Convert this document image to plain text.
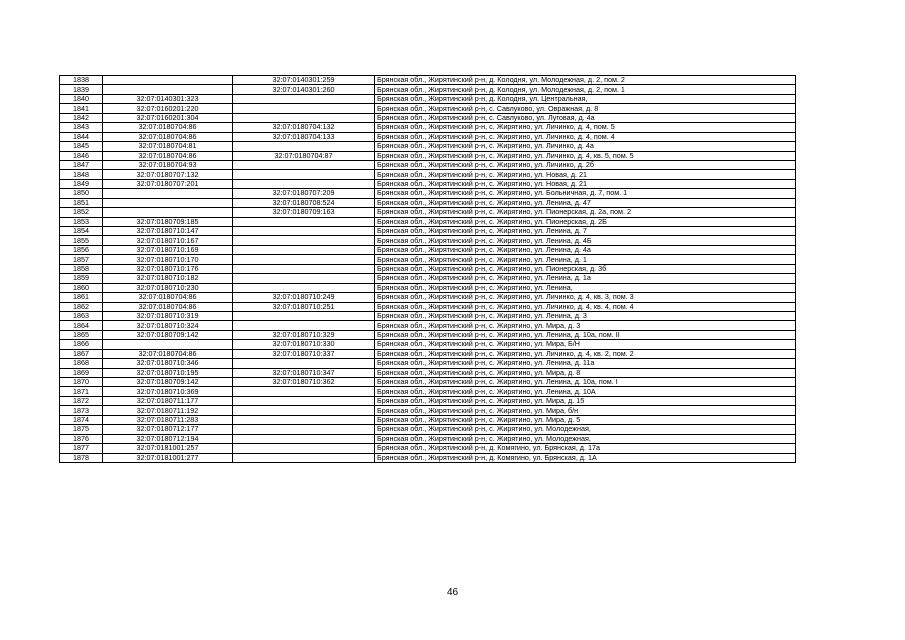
1838		32:07:0140301:259	Брянская обл., Жирятинский р-н, д. Колодня, ул. Молодежная, д. 2, пом. 2
1839		32:07:0140301:260	Брянская обл., Жирятинский р-н, д. Колодня, ул. Молодежная, д. 2, пом. 1
1840	32:07:0140301:323		Брянская обл., Жирятинский р-н, д. Колодня, ул. Центральная,
1841	32:07:0160201:220		Брянская обл., Жирятинский р-н, с. Савлуково, ул. Овражная, д. 8
1842	32:07:0160201:304		Брянская обл., Жирятинский р-н, с. Савлуково, ул. Луговая, д. 4а
1843	32:07:0180704:86	32:07:0180704:132	Брянская обл., Жирятинский р-н, с. Жирятино, ул. Личинко, д. 4, пом. 5
1844	32:07:0180704:86	32:07:0180704:133	Брянская обл., Жирятинский р-н, с. Жирятино, ул. Личинко, д. 4, пом. 4
1845	32:07:0180704:81		Брянская обл., Жирятинский р-н, с. Жирятино, ул. Личинко, д. 4а
1846	32:07:0180704:86	32:07:0180704:87	Брянская обл., Жирятинский р-н, с. Жирятино, ул. Личинко, д. 4, кв. 5, пом. 5
1847	32:07:0180704:93		Брянская обл., Жирятинский р-н, с. Жирятино, ул. Личинко, д. 2б
1848	32:07:0180707:132		Брянская обл., Жирятинский р-н, с. Жирятино, ул. Новая, д. 21
1849	32:07:0180707:201		Брянская обл., Жирятинский р-н, с. Жирятино, ул. Новая, д. 21
1850		32:07:0180707:209	Брянская обл., Жирятинский р-н, с. Жирятино, ул. Больничная, д. 7, пом. 1
1851		32:07:0180708:524	Брянская обл., Жирятинский р-н, с. Жирятино, ул. Ленина, д. 47
1852		32:07:0180709:163	Брянская обл., Жирятинский р-н, с. Жирятино, ул. Пионерская, д. 2а, пом. 2
1853	32:07:0180709:185		Брянская обл., Жирятинский р-н, с. Жирятино, ул. Пионерская, д. 2Б
1854	32:07:0180710:147		Брянская обл., Жирятинский р-н, с. Жирятино, ул. Ленина, д. 7
1855	32:07:0180710:167		Брянская обл., Жирятинский р-н, с. Жирятино, ул. Ленина, д. 4Б
1856	32:07:0180710:169		Брянская обл., Жирятинский р-н, с. Жирятино, ул. Ленина, д. 4а
1857	32:07:0180710:170		Брянская обл., Жирятинский р-н, с. Жирятино, ул. Ленина, д. 1
1858	32:07:0180710:176		Брянская обл., Жирятинский р-н, с. Жирятино, ул. Пионерская, д. 3б
1859	32:07:0180710:182		Брянская обл., Жирятинский р-н, с. Жирятино, ул. Ленина, д. 1а
1860	32:07:0180710:230		Брянская обл., Жирятинский р-н, с. Жирятино, ул. Ленина,
1861	32:07:0180704:86	32:07:0180710:249	Брянская обл., Жирятинский р-н, с. Жирятино, ул. Личинко, д. 4, кв. 3, пом. 3
1862	32:07:0180704:86	32:07:0180710:251	Брянская обл., Жирятинский р-н, с. Жирятино, ул. Личинко, д. 4, кв. 4, пом. 4
1863	32:07:0180710:319		Брянская обл., Жирятинский р-н, с. Жирятино, ул. Ленина, д. 3
1864	32:07:0180710:324		Брянская обл., Жирятинский р-н, с. Жирятино, ул. Мира, д. 3
1865	32:07:0180709:142	32:07:0180710:329	Брянская обл., Жирятинский р-н, с. Жирятино, ул. Ленина, д. 10а, пом. II
1866		32:07:0180710:330	Брянская обл., Жирятинский р-н, с. Жирятино, ул. Мира, Б/Н
1867	32:07:0180704:86	32:07:0180710:337	Брянская обл., Жирятинский р-н, с. Жирятино, ул. Личинко, д. 4, кв. 2, пом. 2
1868	32:07:0180710:346		Брянская обл., Жирятинский р-н, с. Жирятино, ул. Ленина, д. 11а
1869	32:07:0180710:195	32:07:0180710:347	Брянская обл., Жирятинский р-н, с. Жирятино, ул. Мира, д. 8
1870	32:07:0180709:142	32:07:0180710:362	Брянская обл., Жирятинский р-н, с. Жирятино, ул. Ленина, д. 10а, пом. I
1871	32:07:0180710:369		Брянская обл., Жирятинский р-н, с. Жирятино, ул. Ленина, д. 10А
1872	32:07:0180711:177		Брянская обл., Жирятинский р-н, с. Жирятино, ул. Мира, д. 15
1873	32:07:0180711:192		Брянская обл., Жирятинский р-н, с. Жирятино, ул. Мира, б/н
1874	32:07:0180711:283		Брянская обл., Жирятинский р-н, с. Жирятино, ул. Мира, д. 5
1875	32:07:0180712:177		Брянская обл., Жирятинский р-н, с. Жирятино, ул. Молодежная,
1876	32:07:0180712:194		Брянская обл., Жирятинский р-н, с. Жирятино, ул. Молодежная,
1877	32:07:0181001:257		Брянская обл., Жирятинский р-н, д. Комягино, ул. Брянская, д. 17а
1878	32:07:0181001:277		Брянская обл., Жирятинский р-н, д. Комягино, ул. Брянская, д. 1А
46
